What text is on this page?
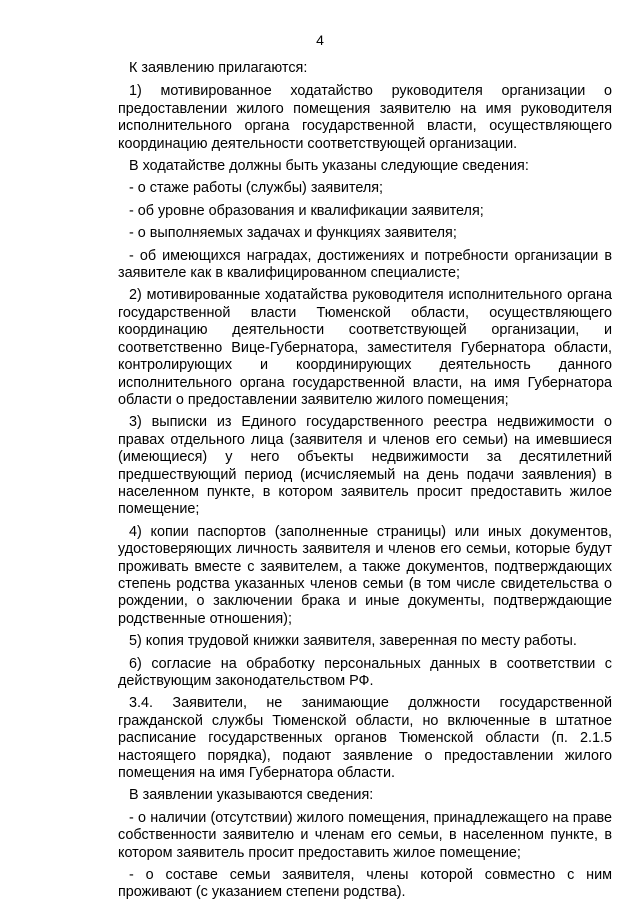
4

К заявлению прилагаются:

1) мотивированное ходатайство руководителя организации о предоставлении жилого помещения заявителю на имя руководителя исполнительного органа государственной власти, осуществляющего координацию деятельности соответствующей организации.

В ходатайстве должны быть указаны следующие сведения:

- о стаже работы (службы) заявителя;

- об уровне образования и квалификации заявителя;

- о выполняемых задачах и функциях заявителя;

- об имеющихся наградах, достижениях и потребности организации в заявителе как в квалифицированном специалисте;

2) мотивированные ходатайства руководителя исполнительного органа государственной власти Тюменской области, осуществляющего координацию деятельности соответствующей организации, и соответственно Вице-Губернатора, заместителя Губернатора области, контролирующих и координирующих деятельность данного исполнительного органа государственной власти, на имя Губернатора области о предоставлении заявителю жилого помещения;

3) выписки из Единого государственного реестра недвижимости о правах отдельного лица (заявителя и членов его семьи) на имевшиеся (имеющиеся) у него объекты недвижимости за десятилетний предшествующий период (исчисляемый на день подачи заявления) в населенном пункте, в котором заявитель просит предоставить жилое помещение;

4) копии паспортов (заполненные страницы) или иных документов, удостоверяющих личность заявителя и членов его семьи, которые будут проживать вместе с заявителем, а также документов, подтверждающих степень родства указанных членов семьи (в том числе свидетельства о рождении, о заключении брака и иные документы, подтверждающие родственные отношения);

5) копия трудовой книжки заявителя, заверенная по месту работы.

6) согласие на обработку персональных данных в соответствии с действующим законодательством РФ.

3.4. Заявители, не занимающие должности государственной гражданской службы Тюменской области, но включенные в штатное расписание государственных органов Тюменской области (п. 2.1.5 настоящего порядка), подают заявление о предоставлении жилого помещения на имя Губернатора области.

В заявлении указываются сведения:

- о наличии (отсутствии) жилого помещения, принадлежащего на праве собственности заявителю и членам его семьи, в населенном пункте, в котором заявитель просит предоставить жилое помещение;

- о составе семьи заявителя, члены которой совместно с ним проживают (с указанием степени родства).
